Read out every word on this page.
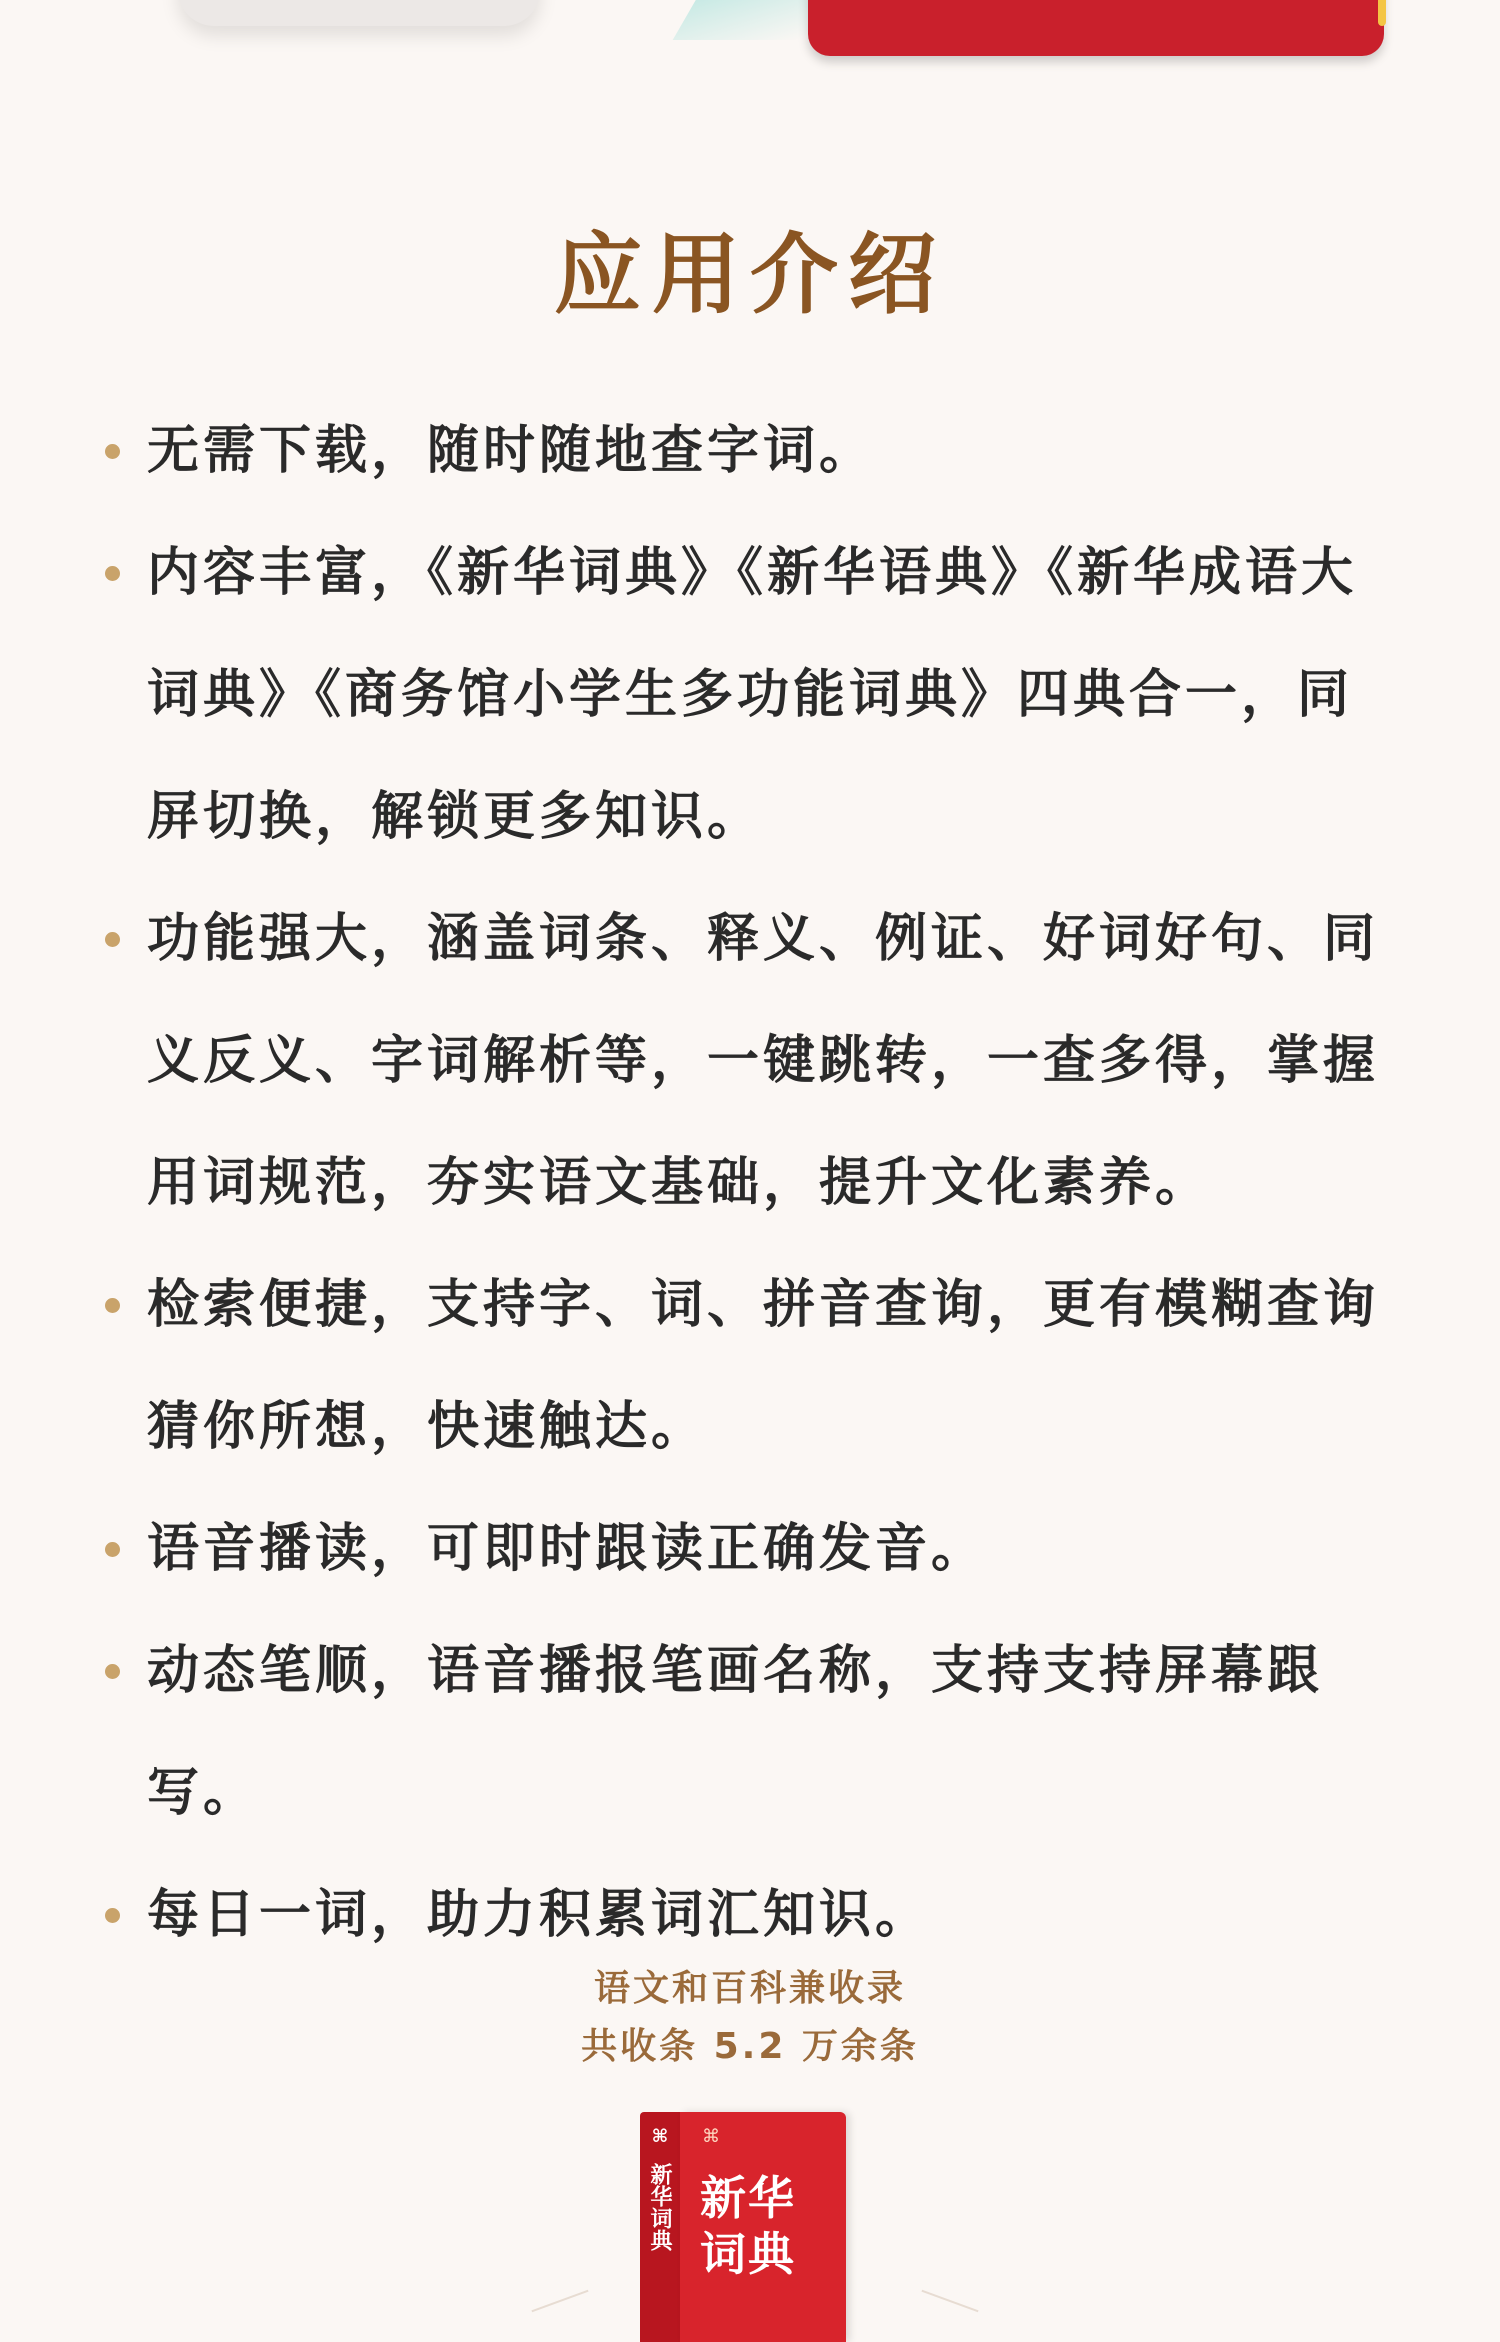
应用介绍
无需下载，随时随地查字词。
内容丰富，《新华词典》《新华语典》《新华成语大词典》《商务馆小学生多功能词典》四典合一，同屏切换，解锁更多知识。
功能强大，涵盖词条、释义、例证、好词好句、同义反义、字词解析等，一键跳转，一查多得，掌握用词规范，夯实语文基础，提升文化素养。
检索便捷，支持字、词、拼音查询，更有模糊查询猜你所想，快速触达。
语音播读，可即时跟读正确发音。
动态笔顺，语音播报笔画名称，支持支持屏幕跟写。
每日一词，助力积累词汇知识。
语文和百科兼收录
共收条 5.2 万余条
⌘
新华词典
⌘
新华词典
